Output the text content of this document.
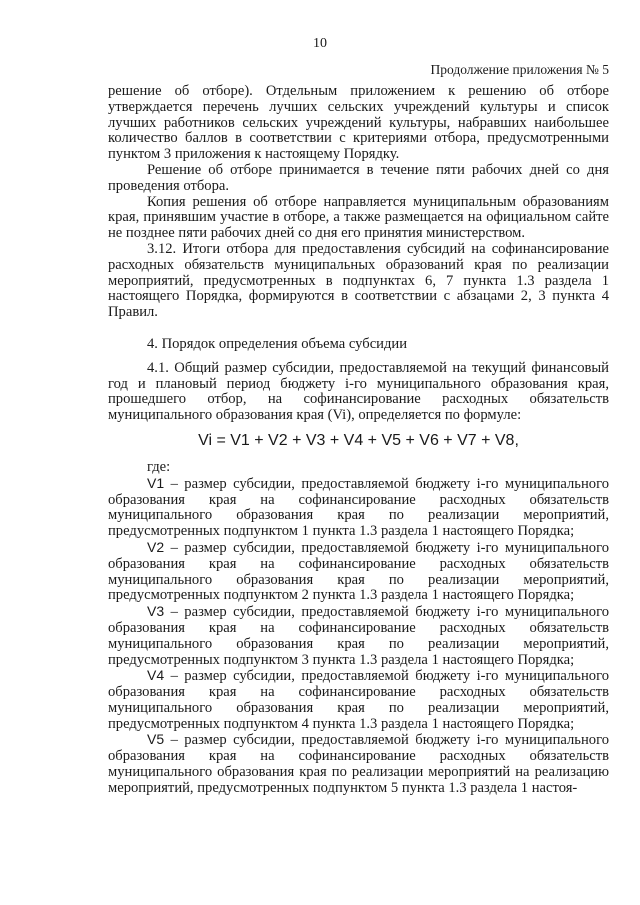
10
Продолжение приложения № 5

решение об отборе). Отдельным приложением к решению об отборе утверждается перечень лучших сельских учреждений культуры и список лучших работников сельских учреждений культуры, набравших наибольшее количество баллов в соответствии с критериями отбора, предусмотренными пунктом 3 приложения к настоящему Порядку.

Решение об отборе принимается в течение пяти рабочих дней со дня проведения отбора.

Копия решения об отборе направляется муниципальным образованиям края, принявшим участие в отборе, а также размещается на официальном сайте не позднее пяти рабочих дней со дня его принятия министерством.

3.12. Итоги отбора для предоставления субсидий на софинансирование расходных обязательств муниципальных образований края по реализации мероприятий, предусмотренных в подпунктах 6, 7 пункта 1.3 раздела 1 настоящего Порядка, формируются в соответствии с абзацами 2, 3 пункта 4 Правил.

4. Порядок определения объема субсидии

4.1. Общий размер субсидии, предоставляемой на текущий финансовый год и плановый период бюджету i-го муниципального образования края, прошедшего отбор, на софинансирование расходных обязательств муниципального образования края (Vi), определяется по формуле:

Vi = V1 + V2 + V3 + V4 + V5 + V6 + V7 + V8,

где:

V1 – размер субсидии, предоставляемой бюджету i-го муниципального образования края на софинансирование расходных обязательств муниципального образования края по реализации мероприятий, предусмотренных подпунктом 1 пункта 1.3 раздела 1 настоящего Порядка;

V2 – размер субсидии, предоставляемой бюджету i-го муниципального образования края на софинансирование расходных обязательств муниципального образования края по реализации мероприятий, предусмотренных подпунктом 2 пункта 1.3 раздела 1 настоящего Порядка;

V3 – размер субсидии, предоставляемой бюджету i-го муниципального образования края на софинансирование расходных обязательств муниципального образования края по реализации мероприятий, предусмотренных подпунктом 3 пункта 1.3 раздела 1 настоящего Порядка;

V4 – размер субсидии, предоставляемой бюджету i-го муниципального образования края на софинансирование расходных обязательств муниципального образования края по реализации мероприятий, предусмотренных подпунктом 4 пункта 1.3 раздела 1 настоящего Порядка;

V5 – размер субсидии, предоставляемой бюджету i-го муниципального образования края на софинансирование расходных обязательств муниципального образования края по реализации мероприятий на реализацию мероприятий, предусмотренных подпунктом 5 пункта 1.3 раздела 1 настоя-
